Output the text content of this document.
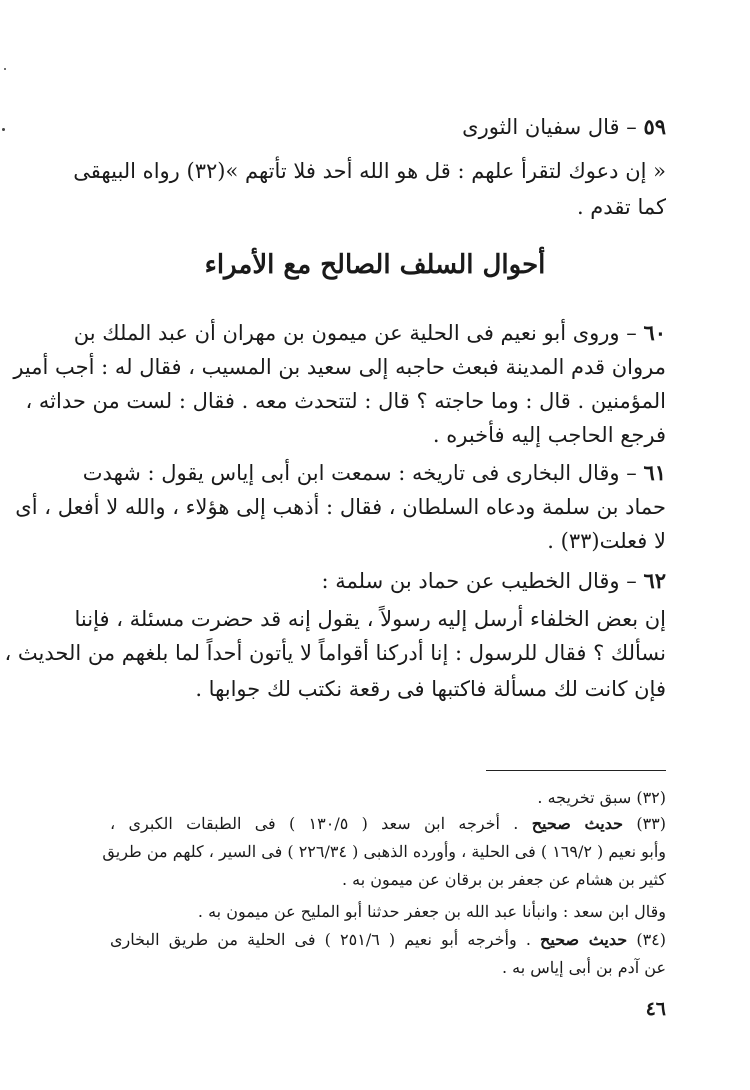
٥٩ – قال سفيان الثورى
« إن دعوك لتقرأ علهم : قل هو الله أحد فلا تأتهم »(٣٢) رواه البيهقى
كما تقدم .
أحوال السلف الصالح مع الأمراء
٦٠ – وروى أبو نعيم فى الحلية عن ميمون بن مهران أن عبد الملك بن
مروان قدم المدينة فبعث حاجبه إلى سعيد بن المسيب ، فقال له : أجب أمير
المؤمنين . قال : وما حاجته ؟ قال : لتتحدث معه . فقال : لست من حداثه ،
فرجع الحاجب إليه فأخبره .
٦١ – وقال البخارى فى تاريخه : سمعت ابن أبى إياس يقول : شهدت
حماد بن سلمة ودعاه السلطان ، فقال : أذهب إلى هؤلاء ، والله لا أفعل ، أى
لا فعلت(٣٣) .
٦٢ – وقال الخطيب عن حماد بن سلمة :
إن بعض الخلفاء أرسل إليه رسولاً ، يقول إنه قد حضرت مسئلة ، فإننا
نسألك ؟ فقال للرسول : إنا أدركنا أقواماً لا يأتون أحداً لما بلغهم من الحديث ،
فإن كانت لك مسألة فاكتبها فى رقعة نكتب لك جوابها .
(٣٢) سبق تخريجه .
(٣٣) حديث صحيح . أخرجه ابن سعد ( ١٣٠/٥ ) فى الطبقات الكبرى ،
وأبو نعيم ( ١٦٩/٢ ) فى الحلية ، وأورده الذهبى ( ٢٢٦/٣٤ ) فى السير ، كلهم من طريق
كثير بن هشام عن جعفر بن برقان عن ميمون به .
وقال ابن سعد : وانبأنا عبد الله بن جعفر حدثنا أبو المليح عن ميمون به .
(٣٤) حديث صحيح . وأخرجه أبو نعيم ( ٢٥١/٦ ) فى الحلية من طريق البخارى
عن آدم بن أبى إياس به .
٤٦
